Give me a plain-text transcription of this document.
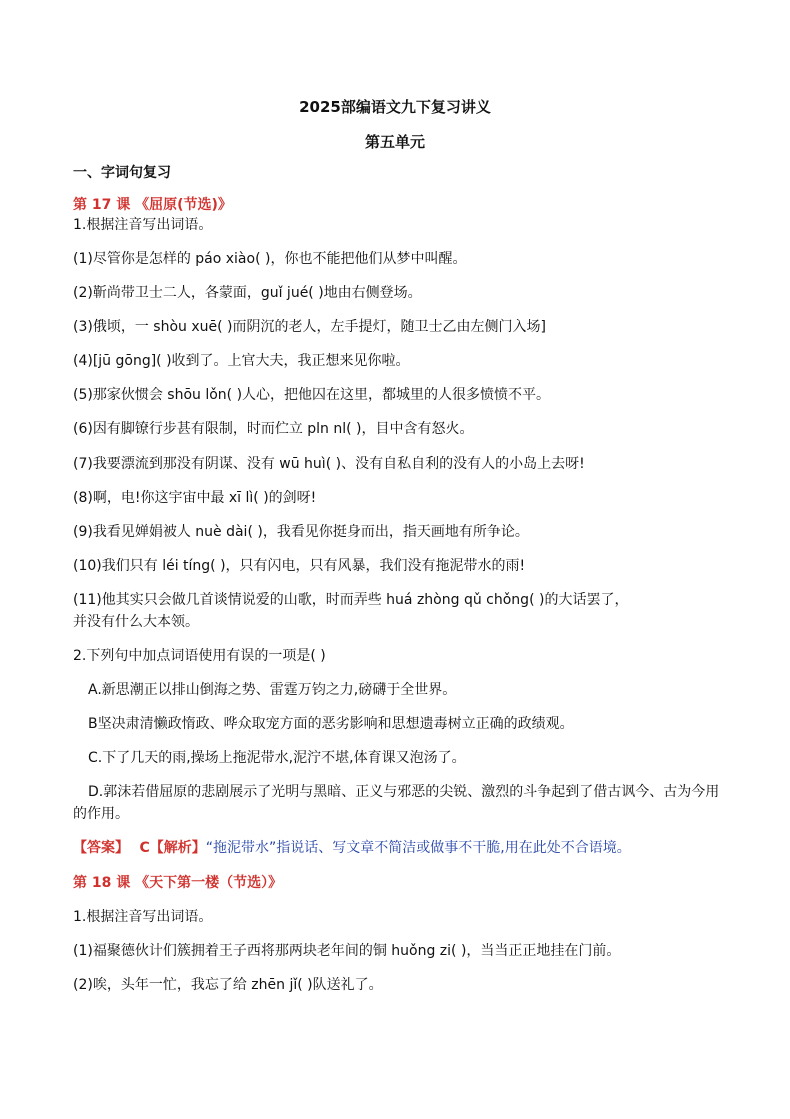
2025部编语文九下复习讲义
第五单元
一、字词句复习
第 17 课 《屈原(节选)》
1.根据注音写出词语。
(1)尽管你是怎样的 páo xiào( )，你也不能把他们从梦中叫醒。
(2)靳尚带卫士二人，各蒙面，guǐ jué( )地由右侧登场。
(3)俄顷，一 shòu xuē( )而阴沉的老人，左手提灯，随卫士乙由左侧门入场]
(4)[jū gōng]( )收到了。上官大夫，我正想来见你啦。
(5)那家伙惯会 shōu lǒn( )人心，把他囚在这里，都城里的人很多愤愤不平。
(6)因有脚镣行步甚有限制，时而伫立 pln nl( )，目中含有怒火。
(7)我要漂流到那没有阴谋、没有 wū huì( )、没有自私自利的没有人的小岛上去呀!
(8)啊，电!你这宇宙中最 xī lì( )的剑呀!
(9)我看见婵娟被人 nuè dài( )，我看见你挺身而出，指天画地有所争论。
(10)我们只有 léi tíng( )，只有闪电，只有风暴，我们没有拖泥带水的雨!
(11)他其实只会做几首谈情说爱的山歌，时而弄些 huá zhòng qǔ chǒng( )的大话罢了，
并没有什么大本领。
2.下列句中加点词语使用有误的一项是( )
A.新思潮正以排山倒海之势、雷霆万钧之力,磅礴于全世界。
B坚决肃清懒政惰政、哗众取宠方面的恶劣影响和思想遗毒树立正确的政绩观。
C.下了几天的雨,操场上拖泥带水,泥泞不堪,体育课又泡汤了。
D.郭沫若借屈原的悲剧展示了光明与黑暗、正义与邪恶的尖锐、激烈的斗争起到了借古讽今、古为今用
的作用。
【答案】 C【解析】“拖泥带水”指说话、写文章不简洁或做事不干脆,用在此处不合语境。
第 18 课 《天下第一楼（节选）》
1.根据注音写出词语。
(1)福聚德伙计们簇拥着王子西将那两块老年间的铜 huǒng zi( )，当当正正地挂在门前。
(2)唉，头年一忙，我忘了给 zhēn jǐ( )队送礼了。
